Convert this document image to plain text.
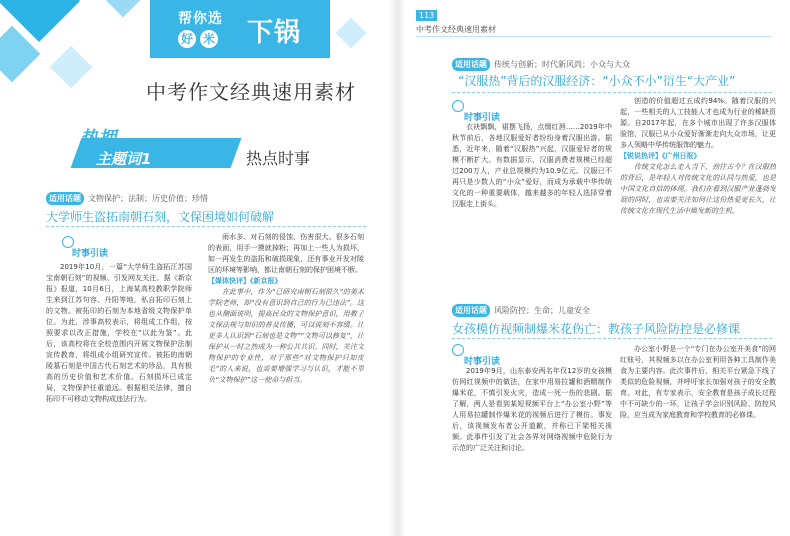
帮你选
好 米 下锅
中考作文经典速用素材
热押
主题词1	热点时事
适用话题 文物保护；法制；历史价值；珍惜
大学师生盗拓南朝石刻，文保困境如何破解
时事引读

2019年10月，一篇“大学师生盗拓江苏国宝南朝石刻”的视频、引发网友关注。据《新京报》报道，10月6日，上海某高校教职学院师生来到江苏句容、丹阳等地，私自拓印石刻上的文物。被拓印的石刻为本地省级文物保护单位。为此，涉事高校表示，将组成工作组，按照要求以改正措施，学校在“以此为鉴”。此后，该高校将在全校范围内开展文物保护法制宣传教育，将组成小组研究宣传。被拓的南朝陵墓石刻是中国古代石刻艺术的珍品，具有极高的历史价值和艺术价值。石刻损坏已成定局，文物保护任重道远。根据相关法律，擅自拓印不可移动文物构成违法行为。

雨水多、对石刻的侵蚀、伤害很大。很多石刻的表面，用手一摸就掉粉；再加上一些人为损坏，如一再发生的盗拓和破损现象，还有事业开发对陵区的环境等影响，都让南朝石刻的保护困境不断。

【媒体快评】《新京报》

在此事中，作为“已研究南朝石刻很久”的美术学院老师，却“没有意识到自己的行为已违法”。这也从侧面说明，提高民众的文物保护意识，用教子文保法规与知识的普及传播，可以说刻不容缓。让更多人认识到“石刻也是文物”“文物可以修复”，让保护从一时之热成为一种公共共识。同时，关注文物保护的专业性，对于那些“对文物保护只知皮毛”的人来说，也需要增强学习与认识，才能不辜负“文物保护”这一使命与担当。

113
中考作文经典速用素材
适用话题 传统与创新；时代新风尚；小众与大众
“汉服热”背后的汉服经济：“小众不小”衍生“大产业”
时事引读

衣袂飘飘，裙摆飞扬，点缀红唇……2019年中秋节前后，各地汉服爱好者纷纷身着汉服出游。据悉，近年来，随着“汉服热”兴起，汉服爱好者的规模不断扩大。有数据显示，汉服消费者规模已经超过200万人，产业总规模约为10.9亿元。汉服已不再只是少数人的“小众”爱好，而成为承载中华传统文化的一种重要载体，越来越多的年轻人选择穿着汉服走上街头。

创造的价值超过五成约94%。随着汉服的兴起，一些相关的人工技能人才也成为行业的稀缺资源。自2017年起，在多个城市出现了许多汉服体验馆，汉服已从小众爱好渐渐走向大众市场，让更多人领略中华传统服饰的魅力。

【锐说热评】《广州日报》

传统文化怎么走入当下，劲往古今？在汉服热的背后，是年轻人对传统文化的认同与热爱，也是中国文化自信的体现。我们在看到汉服产业蓬勃发展的同时，也需要关注如何让这份热爱更长久，让传统文化在现代生活中焕发新的生机。

适用话题 风险防控；生命；儿童安全
女孩模仿视频制爆米花伤亡：教孩子风险防控是必修课
时事引读

2019年9月，山东泰安两名年仅12岁的女孩模仿网红视频中的做法，在家中用易拉罐和酒精制作爆米花，不慎引发火灾，造成一死一伤的悲剧。据了解，两人是看到某短视频平台上“办公室小野”等人用易拉罐制作爆米花的视频后进行了模仿。事发后，该视频发布者公开道歉，并称已下架相关视频。此事件引发了社会各界对网络视频中危险行为示范的广泛关注和讨论。

办公室小野是一个“专门在办公室开美食”的网红账号，其视频多以在办公室利用各种工具制作美食为主要内容。此次事件后，相关平台紧急下线了类似的危险视频，并呼吁家长加强对孩子的安全教育。对此，有专家表示，安全教育是孩子成长过程中不可缺少的一环，让孩子学会识别风险、防控风险，应当成为家庭教育和学校教育的必修课。
